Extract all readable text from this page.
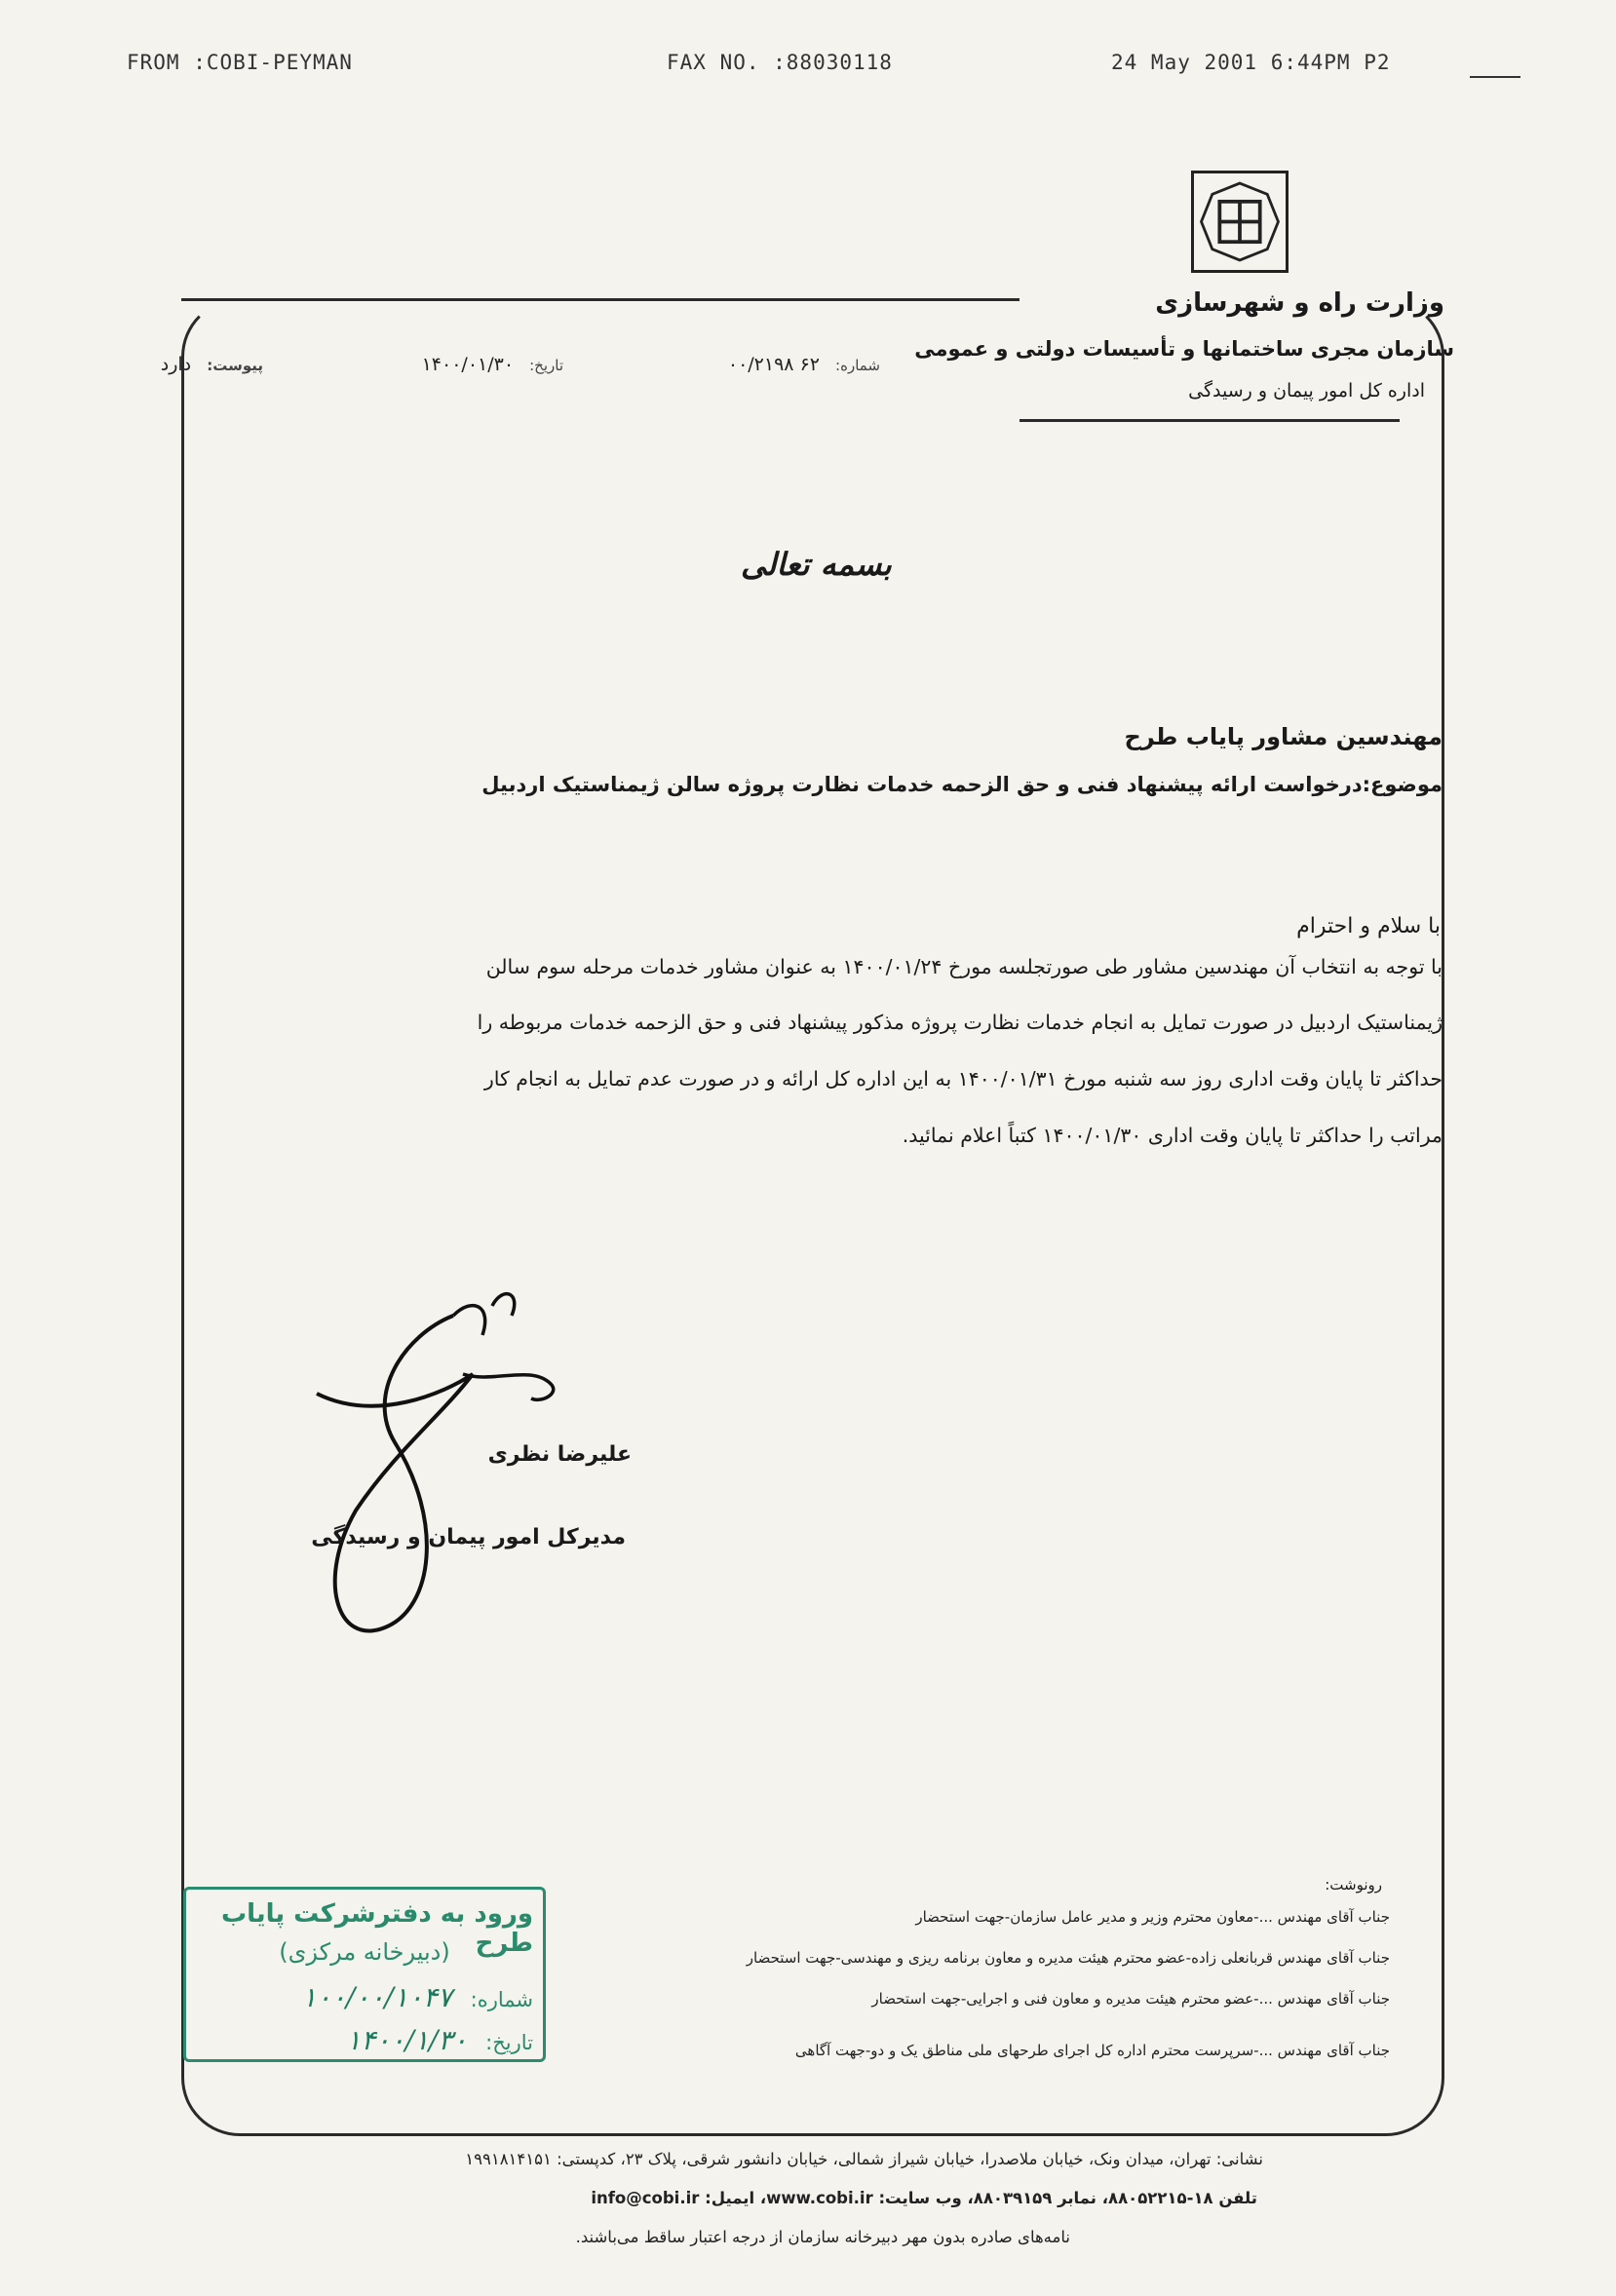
FROM :COBI-PEYMAN	FAX NO. :88030118	24 May 2001 6:44PM P2
وزارت راه و شهرسازی
سازمان مجری ساختمانها و تأسیسات دولتی و عمومی
اداره کل امور پیمان و رسیدگی
شماره: ۶۲ ۰۰/۲۱۹۸
تاریخ: ۱۴۰۰/۰۱/۳۰
پیوست: دارد
بسمه تعالی
مهندسین مشاور پایاب طرح
موضوع:درخواست ارائه پیشنهاد فنی و حق الزحمه خدمات نظارت پروژه سالن ژیمناستیک اردبیل
با سلام و احترام
با توجه به انتخاب آن مهندسین مشاور طی صورتجلسه مورخ ۱۴۰۰/۰۱/۲۴ به عنوان مشاور خدمات مرحله سوم سالن
ژیمناستیک اردبیل در صورت تمایل به انجام خدمات نظارت پروژه مذکور پیشنهاد فنی و حق الزحمه خدمات مربوطه را
حداکثر تا پایان وقت اداری روز سه شنبه مورخ ۱۴۰۰/۰۱/۳۱ به این اداره کل ارائه و در صورت عدم تمایل به انجام کار
مراتب را حداکثر تا پایان وقت اداری ۱۴۰۰/۰۱/۳۰ کتباً اعلام نمائید.
علیرضا نظری
مدیرکل امور پیمان و رسیدگی
رونوشت:
جناب آقای مهندس ...-معاون محترم وزیر و مدیر عامل سازمان-جهت استحضار
جناب آقای مهندس قربانعلی زاده-عضو محترم هیئت مدیره و معاون برنامه ریزی و مهندسی-جهت استحضار
جناب آقای مهندس ...-عضو محترم هیئت مدیره و معاون فنی و اجرایی-جهت استحضار
جناب آقای مهندس ...-سرپرست محترم اداره کل اجرای طرحهای ملی مناطق یک و دو-جهت آگاهی
ورود به دفترشرکت پایاب طرح
(دبیرخانه مرکزی)
شماره: ۱۰۰/۰۰/۱۰۴۷
تاریخ: ۱۴۰۰/۱/۳۰
نشانی: تهران، میدان ونک، خیابان ملاصدرا، خیابان شیراز شمالی، خیابان دانشور شرقی، پلاک ۲۳، کدپستی: ۱۹۹۱۸۱۴۱۵۱
تلفن ۱۸-۸۸۰۵۲۲۱۵، نمابر ۸۸۰۳۹۱۵۹، وب سایت: www.cobi.ir، ایمیل: info@cobi.ir
نامه‌های صادره بدون مهر دبیرخانه سازمان از درجه اعتبار ساقط می‌باشند.
